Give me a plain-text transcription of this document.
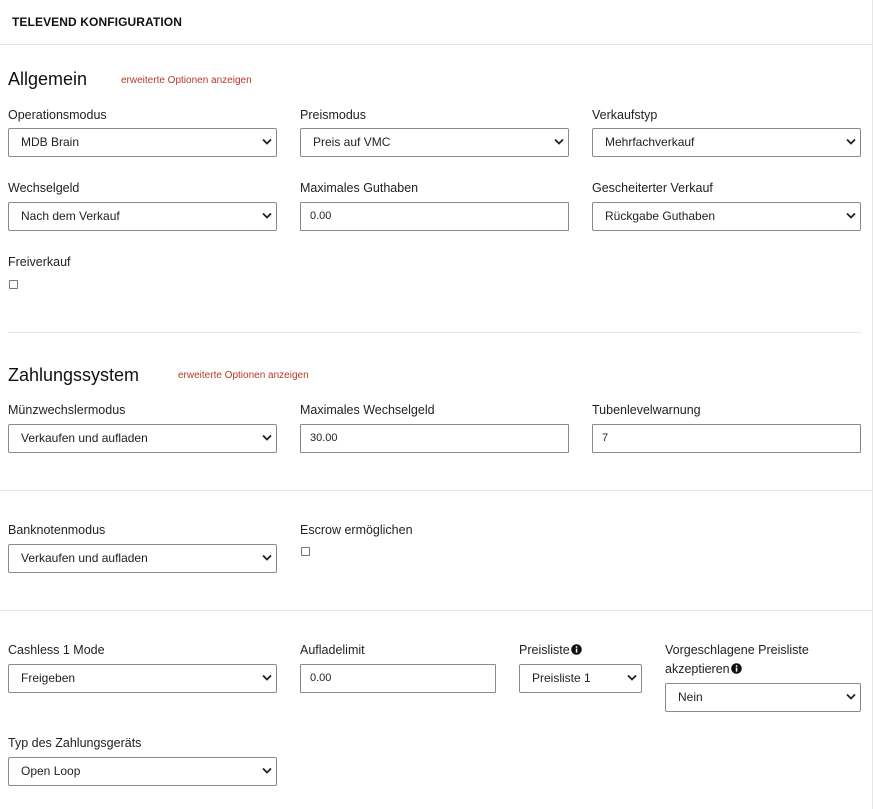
TELEVEND KONFIGURATION
Allgemein	erweiterte Optionen anzeigen
Operationsmodus
MDB Brain
Preismodus
Preis auf VMC
Verkaufstyp
Mehrfachverkauf
Wechselgeld
Nach dem Verkauf
Maximales Guthaben
0.00
Gescheiterter Verkauf
Rückgabe Guthaben
Freiverkauf
Zahlungssystem	erweiterte Optionen anzeigen
Münzwechslermodus
Verkaufen und aufladen
Maximales Wechselgeld
30.00
Tubenlevelwarnung
7
Banknotenmodus
Verkaufen und aufladen
Escrow ermöglichen
Cashless 1 Mode
Freigeben
Aufladelimit
0.00
Preisliste
Preisliste 1
Vorgeschlagene Preisliste
akzeptieren
Nein
Typ des Zahlungsgeräts
Open Loop
